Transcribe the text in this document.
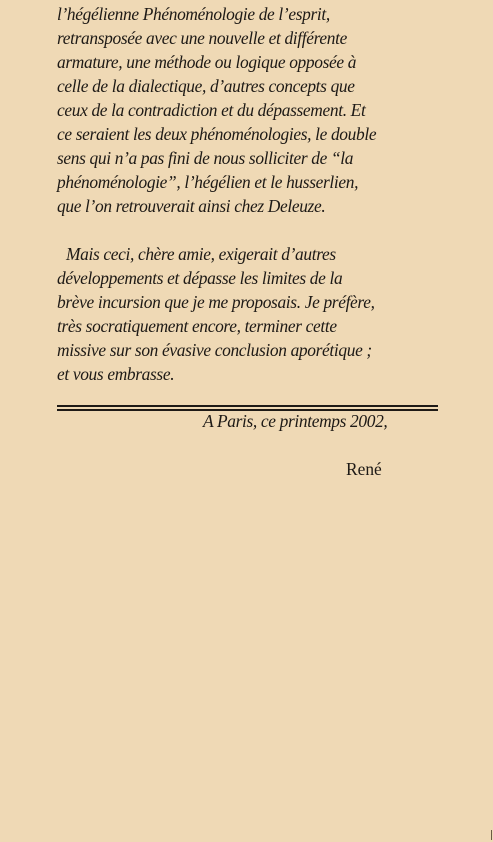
l’hégélienne Phénoménologie de l’esprit,
retransposée avec une nouvelle et différente
armature, une méthode ou logique opposée à
celle de la dialectique, d’autres concepts que
ceux de la contradiction et du dépassement. Et
ce seraient les deux phénoménologies, le double
sens qui n’a pas fini de nous solliciter de “la
phénoménologie”, l’hégélien et le husserlien,
que l’on retrouverait ainsi chez Deleuze.
Mais ceci, chère amie, exigerait d’autres
développements et dépasse les limites de la
brève incursion que je me proposais. Je préfère,
très socratiquement encore, terminer cette
missive sur son évasive conclusion aporétique ;
et vous embrasse.
A Paris, ce printemps 2002,
René
